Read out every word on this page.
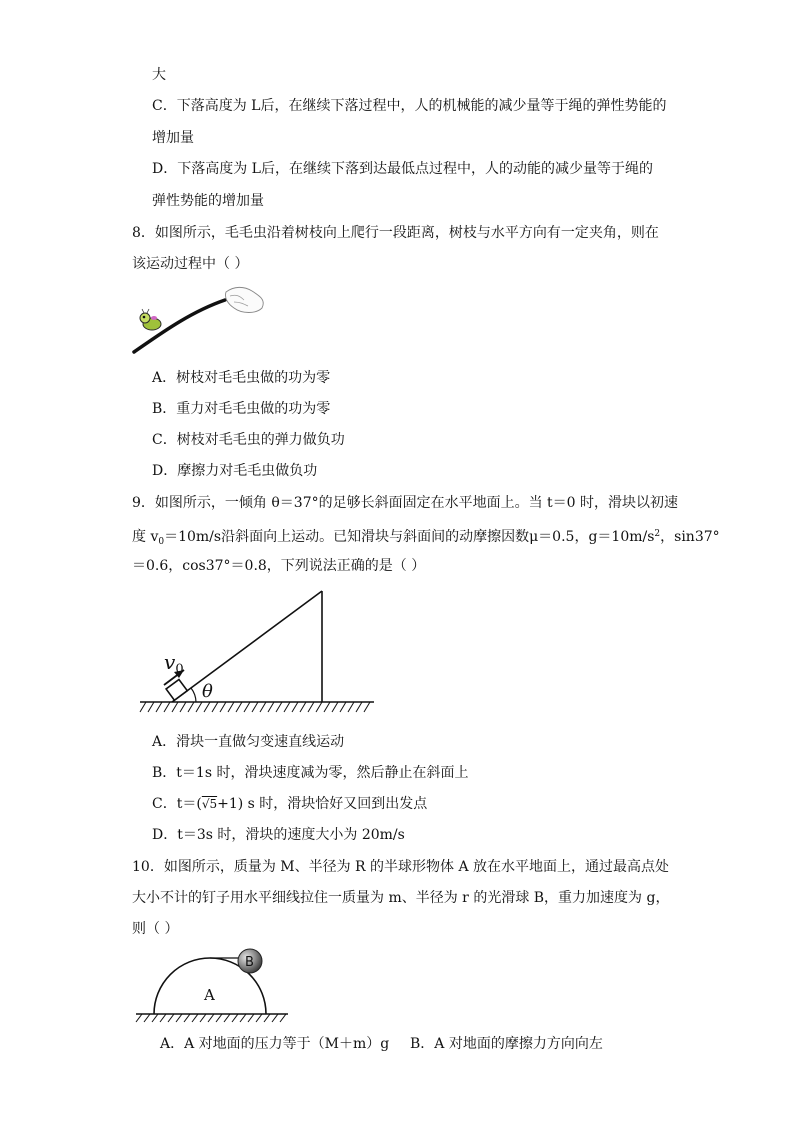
大
C．下落高度为 L后，在继续下落过程中，人的机械能的减少量等于绳的弹性势能的
增加量
D．下落高度为 L后，在继续下落到达最低点过程中，人的动能的减少量等于绳的
弹性势能的增加量
8．如图所示，毛毛虫沿着树枝向上爬行一段距离，树枝与水平方向有一定夹角，则在
该运动过程中（ ）
A．树枝对毛毛虫做的功为零
B．重力对毛毛虫做的功为零
C．树枝对毛毛虫的弹力做负功
D．摩擦力对毛毛虫做负功
9．如图所示，一倾角 θ＝37°的足够长斜面固定在水平地面上。当 t＝0 时，滑块以初速
度 $v_0=10m/s$沿斜面向上运动。已知滑块与斜面间的动摩擦因数μ＝0.5，$g=10m/s^2$，sin37°
＝0.6，cos37°＝0.8，下列说法正确的是（ ）
θ
$v_0$
A．滑块一直做匀变速直线运动
B．t＝1s 时，滑块速度减为零，然后静止在斜面上
C．t＝(√5+1) s 时，滑块恰好又回到出发点
D．t＝3s 时，滑块的速度大小为 20m/s
10．如图所示，质量为 M、半径为 R 的半球形物体 A 放在水平地面上，通过最高点处
大小不计的钉子用水平细线拉住一质量为 m、半径为 r 的光滑球 B，重力加速度为 g，
则（ ）
B
A
A．A 对地面的压力等于（M＋m）g B．A 对地面的摩擦力方向向左
